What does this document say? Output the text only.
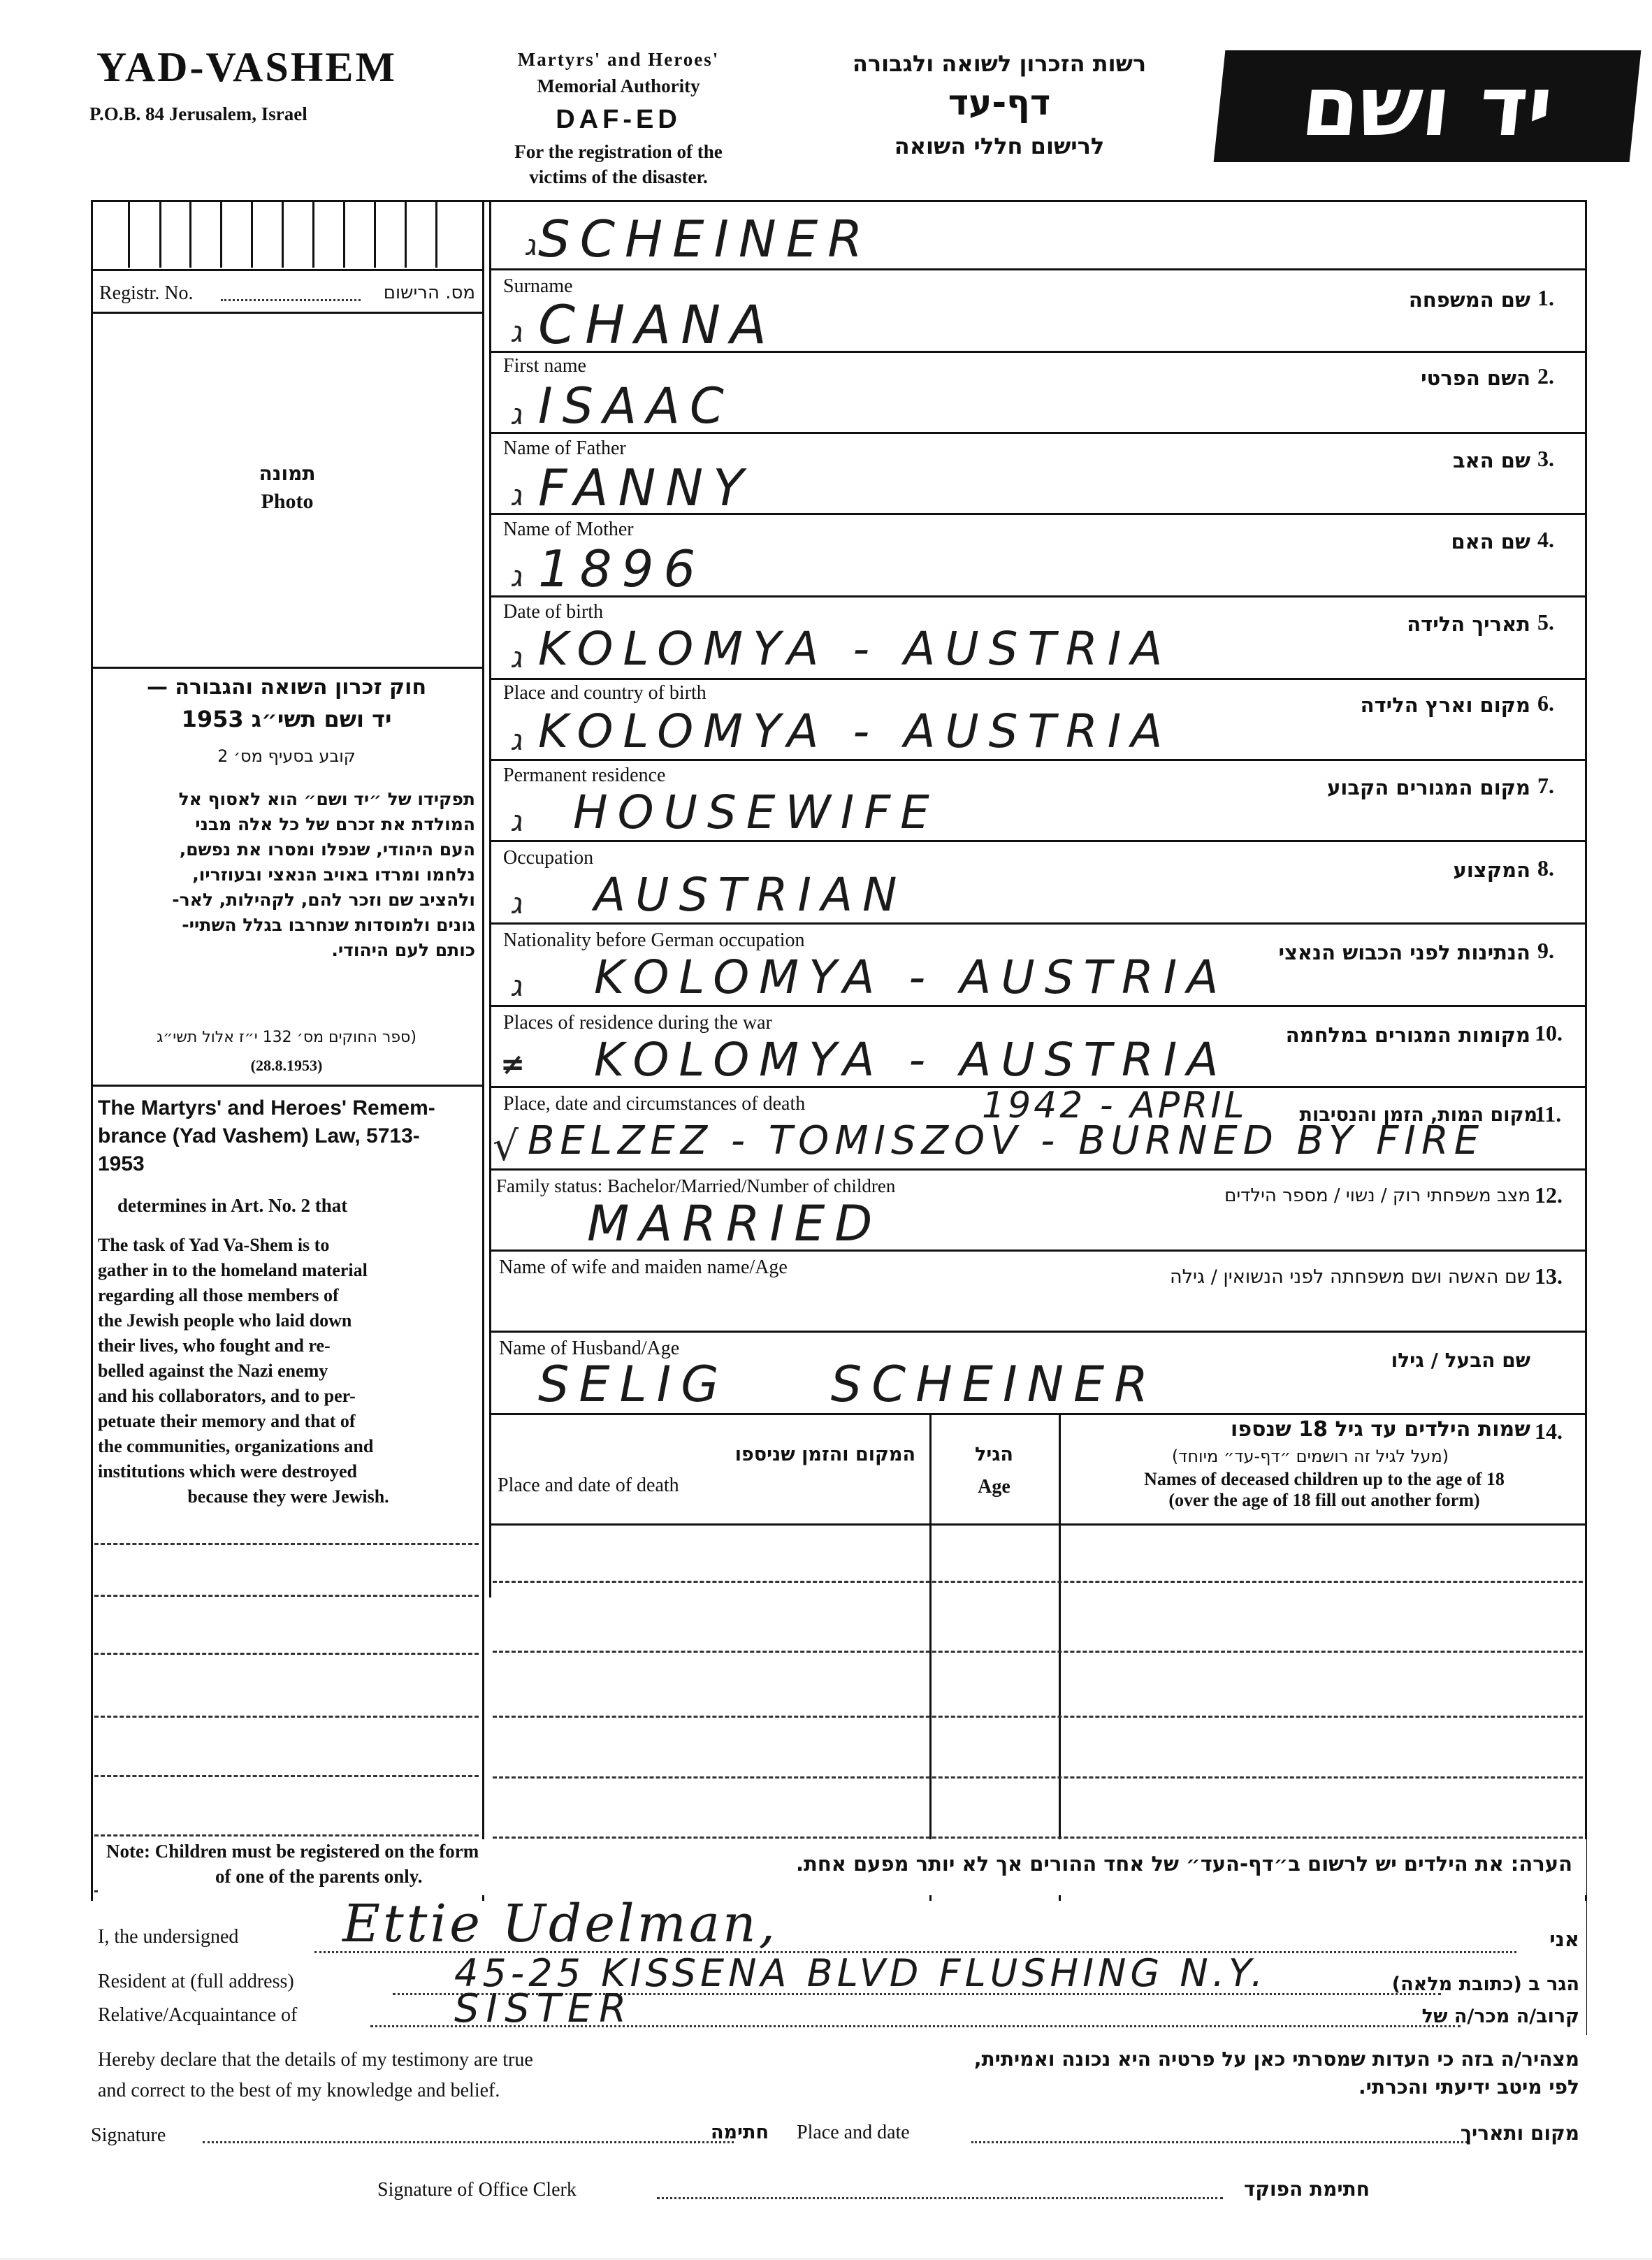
YAD-VASHEM
P.O.B. 84 Jerusalem, Israel
Martyrs' and Heroes'
Memorial Authority
DAF-ED
For the registration of the
victims of the disaster.
רשות הזכרון לשואה ולגבורה
דף-עד
לרישום חללי השואה	יד ושם
Registr. No.	מס. הרישום
תמונה
Photo
חוק זכרון השואה והגבורה —
יד ושם תשי״ג 1953
קובע בסעיף מס׳ 2
תפקידו של ״יד ושם״ הוא לאסוף אל
המולדת את זכרם של כל אלה מבני
העם היהודי, שנפלו ומסרו את נפשם,
נלחמו ומרדו באויב הנאצי ובעוזריו,
ולהציב שם וזכר להם, לקהילות, לאר-
גונים ולמוסדות שנחרבו בגלל השתיי-
כותם לעם היהודי.
(ספר החוקים מס׳ 132 י״ז אלול תשי״ג
(28.8.1953)
The Martyrs' and Heroes' Remem-
brance (Yad Vashem) Law, 5713-
1953
determines in Art. No. 2 that
The task of Yad Va-Shem is to
gather in to the homeland material
regarding all those members of
the Jewish people who laid down
their lives, who fought and re-
belled against the Nazi enemy
and his collaborators, and to per-
petuate their memory and that of
the communities, organizations and
institutions which were destroyed
because they were Jewish.
ג SCHEINER
Surname
שם המשפחה 1.
ג CHANA
First name
השם הפרטי 2.
ג ISAAC
Name of Father
שם האב 3.
ג FANNY
Name of Mother
שם האם 4.
ג 1896
Date of birth
תאריך הלידה 5.
ג KOLOMYA - AUSTRIA
Place and country of birth
מקום וארץ הלידה 6.
ג KOLOMYA - AUSTRIA
Permanent residence
מקום המגורים הקבוע 7.
ג HOUSEWIFE
Occupation
המקצוע 8.
ג AUSTRIAN
Nationality before German occupation
הנתינות לפני הכבוש הנאצי 9.
ג KOLOMYA - AUSTRIA
Places of residence during the war
מקומות המגורים במלחמה 10.
≠ KOLOMYA - AUSTRIA
Place, date and circumstances of death	1942 - APRIL	מקום המות, הזמן והנסיבות
11.
√ BELZEZ - TOMISZOV - BURNED BY FIRE
Family status: Bachelor/Married/Number of children	מצב משפחתי רוק / נשוי / מספר הילדים 12.
MARRIED
Name of wife and maiden name/Age	שם האשה ושם משפחתה לפני הנשואין / גילה 13.
Name of Husband/Age
שם הבעל / גילו
SELIG SCHEINER
המקום והזמן שניספו
Place and date of death
הגיל
Age
שמות הילדים עד גיל 18 שנספו 14.
(מעל לגיל זה רושמים ״דף-עד״ מיוחד)
Names of deceased children up to the age of 18
(over the age of 18 fill out another form)
Note: Children must be registered on the form
of one of the parents only.
הערה: את הילדים יש לרשום ב״דף-העד״ של אחד ההורים אך לא יותר מפעם אחת.
I, the undersigned Ettie Udelman,	אני
Resident at (full address)	45-25 KISSENA BLVD FLUSHING N.Y.	הגר ב (כתובת מלאה)
Relative/Acquaintance of	SISTER	קרוב/ה מכר/ה של
Hereby declare that the details of my testimony are true
and correct to the best of my knowledge and belief.
מצהיר/ה בזה כי העדות שמסרתי כאן על פרטיה היא נכונה ואמיתית,
לפי מיטב ידיעתי והכרתי.
Signature	חתימה Place and date	מקום ותאריך
Signature of Office Clerk	חתימת הפוקד
